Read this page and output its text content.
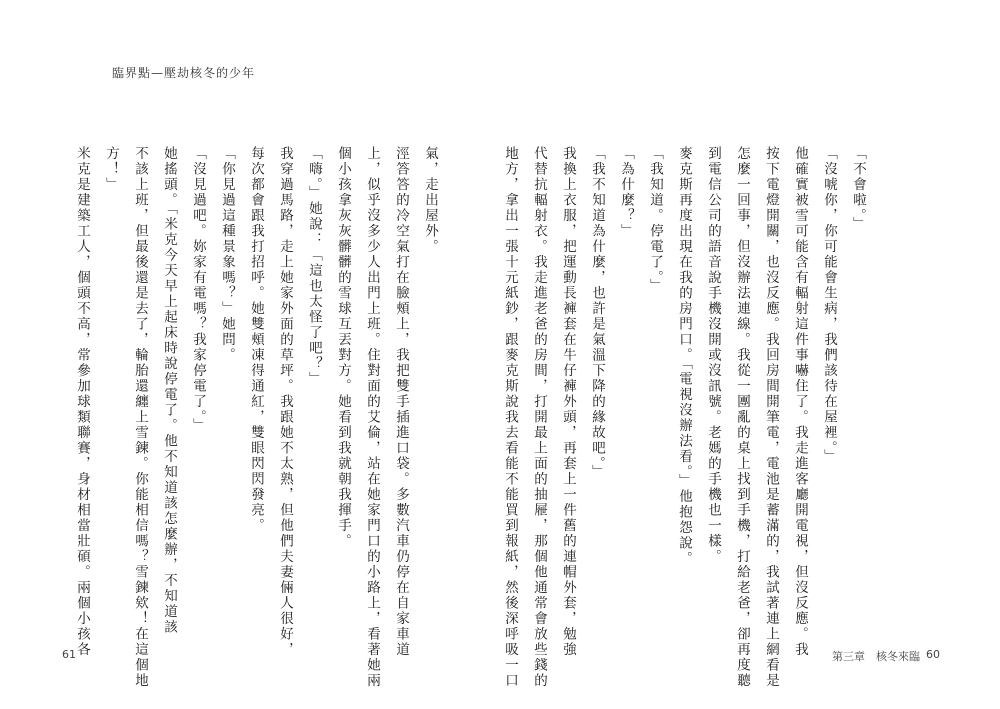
臨界點—壓劫核冬的少年
「不會啦。」
「沒唬你，你可能會生病，我們該待在屋裡。」
他確實被雪可能含有輻射這件事嚇住了。我走進客廳開電視，但沒反應。我
按下電燈開關，也沒反應。我回房間開筆電，電池是蓄滿的，我試著連上網看是
怎麼一回事，但沒辦法連線。我從一團亂的桌上找到手機，打給老爸，卻再度聽
到電信公司的語音說手機沒開或沒訊號。老媽的手機也一樣。
麥克斯再度出現在我的房門口。「電視沒辦法看。」他抱怨說。
「我知道。停電了。」
「為什麼？」
「我不知道為什麼，也許是氣溫下降的緣故吧。」
我換上衣服，把運動長褲套在牛仔褲外頭，再套上一件舊的連帽外套，勉強
代替抗輻射衣。我走進老爸的房間，打開最上面的抽屜，那個他通常會放些錢的
地方，拿出一張十元紙鈔，跟麥克斯說我去看能不能買到報紙，然後深呼吸一口
氣，走出屋外。
涇答答的冷空氣打在臉頰上，我把雙手插進口袋。多數汽車仍停在自家車道
上，似乎沒多少人出門上班。住對面的艾倫，站在她家門口的小路上，看著她兩
個小孩拿灰灰髒髒的雪球互丟對方。她看到我就朝我揮手。
「嗨。」她說：「這也太怪了吧？」
我穿過馬路，走上她家外面的草坪。我跟她不太熟，但他們夫妻倆人很好，
每次都會跟我打招呼。她雙頰凍得通紅，雙眼閃閃發亮。
「你見過這種景象嗎？」她問。
「沒見過吧。妳家有電嗎？我家停電了。」
她搖頭。「米克今天早上起床時說停電了。他不知道該怎麼辦，不知道該
不該上班，但最後還是去了，輪胎還纏上雪鍊。你能相信嗎？雪鍊欸！在這個地
方！」
米克是建築工人，個頭不高，常參加球類聯賽，身材相當壯碩。兩個小孩各
61	第三章　核冬來臨 60
